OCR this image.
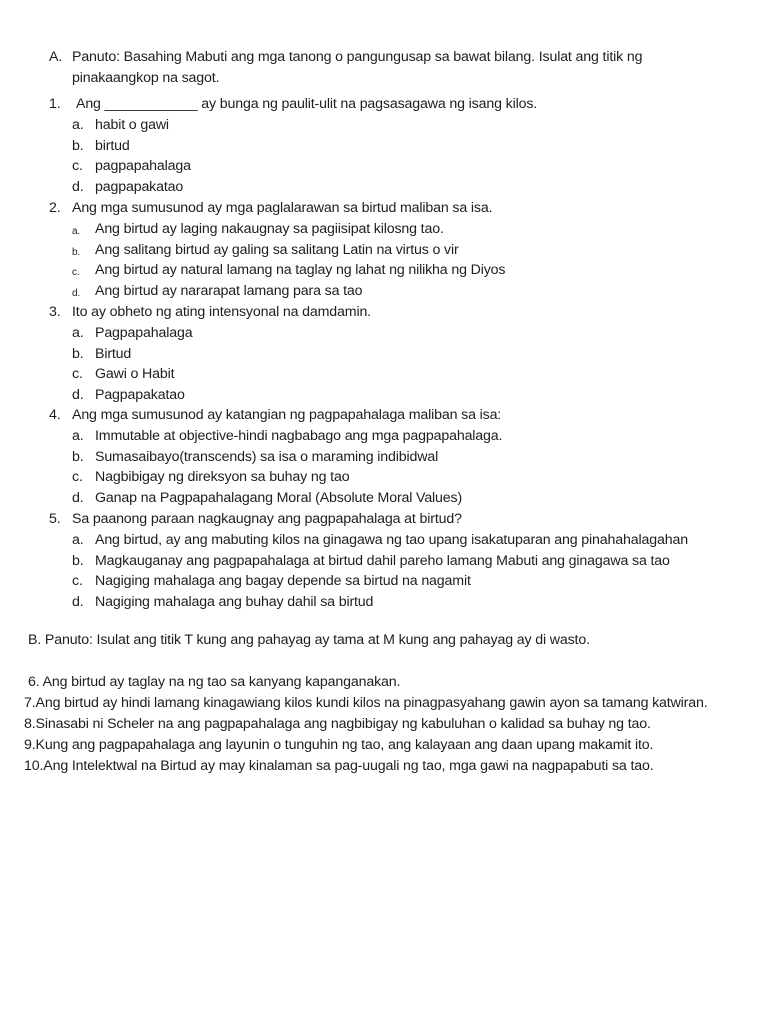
A. Panuto: Basahing Mabuti ang mga tanong o pangungusap sa bawat bilang. Isulat ang titik ng
pinakaangkop na sagot.
1. Ang ____________ ay bunga ng paulit-ulit na pagsasagawa ng isang kilos.
a. habit o gawi
b. birtud
c. pagpapahalaga
d. pagpapakatao
2. Ang mga sumusunod ay mga paglalarawan sa birtud maliban sa isa.
a. Ang birtud ay laging nakaugnay sa pagiisipat kilosng tao.
b. Ang salitang birtud ay galing sa salitang Latin na virtus o vir
c. Ang birtud ay natural lamang na taglay ng lahat ng nilikha ng Diyos
d. Ang birtud ay nararapat lamang para sa tao
3. Ito ay obheto ng ating intensyonal na damdamin.
a. Pagpapahalaga
b. Birtud
c. Gawi o Habit
d. Pagpapakatao
4. Ang mga sumusunod ay katangian ng pagpapahalaga maliban sa isa:
a. Immutable at objective-hindi nagbabago ang mga pagpapahalaga.
b. Sumasaibayo(transcends) sa isa o maraming indibidwal
c. Nagbibigay ng direksyon sa buhay ng tao
d. Ganap na Pagpapahalagang Moral (Absolute Moral Values)
5. Sa paanong paraan nagkaugnay ang pagpapahalaga at birtud?
a. Ang birtud, ay ang mabuting kilos na ginagawa ng tao upang isakatuparan ang pinahahalagahan
b. Magkauganay ang pagpapahalaga at birtud dahil pareho lamang Mabuti ang ginagawa sa tao
c. Nagiging mahalaga ang bagay depende sa birtud na nagamit
d. Nagiging mahalaga ang buhay dahil sa birtud
B. Panuto: Isulat ang titik T kung ang pahayag ay tama at M kung ang pahayag ay di wasto.
6. Ang birtud ay taglay na ng tao sa kanyang kapanganakan.
7.Ang birtud ay hindi lamang kinagawiang kilos kundi kilos na pinagpasyahang gawin ayon sa tamang katwiran.
8.Sinasabi ni Scheler na ang pagpapahalaga ang nagbibigay ng kabuluhan o kalidad sa buhay ng tao.
9.Kung ang pagpapahalaga ang layunin o tunguhin ng tao, ang kalayaan ang daan upang makamit ito.
10.Ang Intelektwal na Birtud ay may kinalaman sa pag-uugali ng tao, mga gawi na nagpapabuti sa tao.
